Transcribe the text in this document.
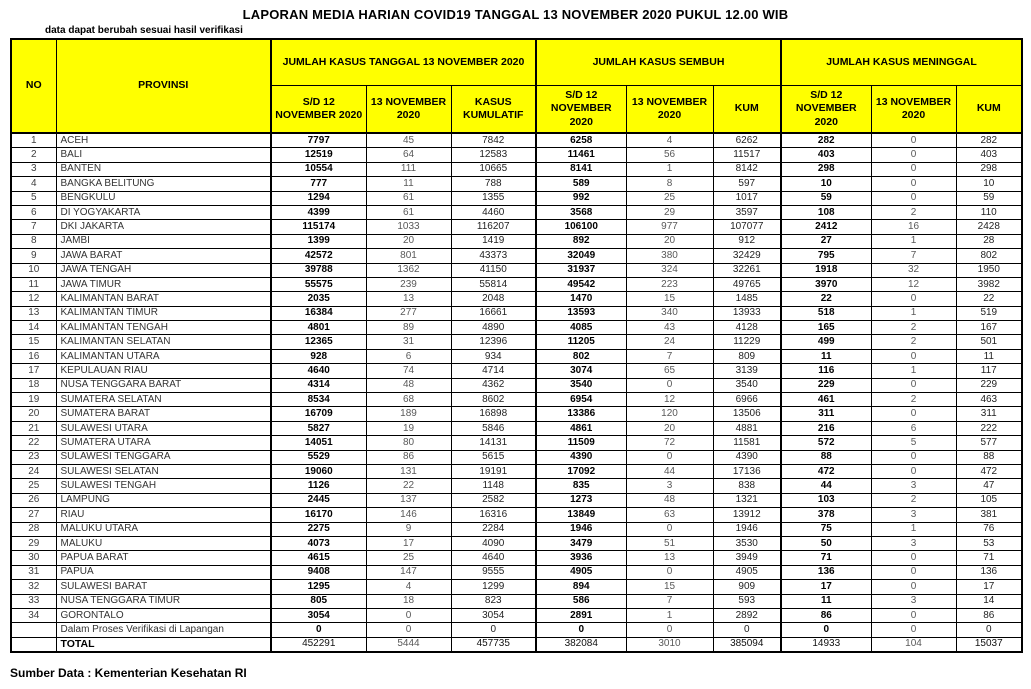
LAPORAN MEDIA HARIAN COVID19 TANGGAL 13 NOVEMBER 2020 PUKUL 12.00 WIB
data dapat berubah sesuai hasil verifikasi
NO	PROVINSI	JUMLAH KASUS TANGGAL 13 NOVEMBER 2020			JUMLAH KASUS SEMBUH			JUMLAH KASUS MENINGGAL		
		S/D 12 NOVEMBER 2020	13 NOVEMBER 2020	KASUS KUMULATIF	S/D 12 NOVEMBER 2020	13 NOVEMBER 2020	KUM	S/D 12 NOVEMBER 2020	13 NOVEMBER 2020	KUM
1	ACEH	7797	45	7842	6258	4	6262	282	0	282
2	BALI	12519	64	12583	11461	56	11517	403	0	403
3	BANTEN	10554	111	10665	8141	1	8142	298	0	298
4	BANGKA BELITUNG	777	11	788	589	8	597	10	0	10
5	BENGKULU	1294	61	1355	992	25	1017	59	0	59
6	DI YOGYAKARTA	4399	61	4460	3568	29	3597	108	2	110
7	DKI JAKARTA	115174	1033	116207	106100	977	107077	2412	16	2428
8	JAMBI	1399	20	1419	892	20	912	27	1	28
9	JAWA BARAT	42572	801	43373	32049	380	32429	795	7	802
10	JAWA TENGAH	39788	1362	41150	31937	324	32261	1918	32	1950
11	JAWA TIMUR	55575	239	55814	49542	223	49765	3970	12	3982
12	KALIMANTAN BARAT	2035	13	2048	1470	15	1485	22	0	22
13	KALIMANTAN TIMUR	16384	277	16661	13593	340	13933	518	1	519
14	KALIMANTAN TENGAH	4801	89	4890	4085	43	4128	165	2	167
15	KALIMANTAN SELATAN	12365	31	12396	11205	24	11229	499	2	501
16	KALIMANTAN UTARA	928	6	934	802	7	809	11	0	11
17	KEPULAUAN RIAU	4640	74	4714	3074	65	3139	116	1	117
18	NUSA TENGGARA BARAT	4314	48	4362	3540	0	3540	229	0	229
19	SUMATERA SELATAN	8534	68	8602	6954	12	6966	461	2	463
20	SUMATERA BARAT	16709	189	16898	13386	120	13506	311	0	311
21	SULAWESI UTARA	5827	19	5846	4861	20	4881	216	6	222
22	SUMATERA UTARA	14051	80	14131	11509	72	11581	572	5	577
23	SULAWESI TENGGARA	5529	86	5615	4390	0	4390	88	0	88
24	SULAWESI SELATAN	19060	131	19191	17092	44	17136	472	0	472
25	SULAWESI TENGAH	1126	22	1148	835	3	838	44	3	47
26	LAMPUNG	2445	137	2582	1273	48	1321	103	2	105
27	RIAU	16170	146	16316	13849	63	13912	378	3	381
28	MALUKU UTARA	2275	9	2284	1946	0	1946	75	1	76
29	MALUKU	4073	17	4090	3479	51	3530	50	3	53
30	PAPUA BARAT	4615	25	4640	3936	13	3949	71	0	71
31	PAPUA	9408	147	9555	4905	0	4905	136	0	136
32	SULAWESI BARAT	1295	4	1299	894	15	909	17	0	17
33	NUSA TENGGARA TIMUR	805	18	823	586	7	593	11	3	14
34	GORONTALO	3054	0	3054	2891	1	2892	86	0	86
	Dalam Proses Verifikasi di Lapangan	0	0	0	0	0	0	0	0	0
	TOTAL	452291	5444	457735	382084	3010	385094	14933	104	15037
Sumber Data : Kementerian Kesehatan RI
